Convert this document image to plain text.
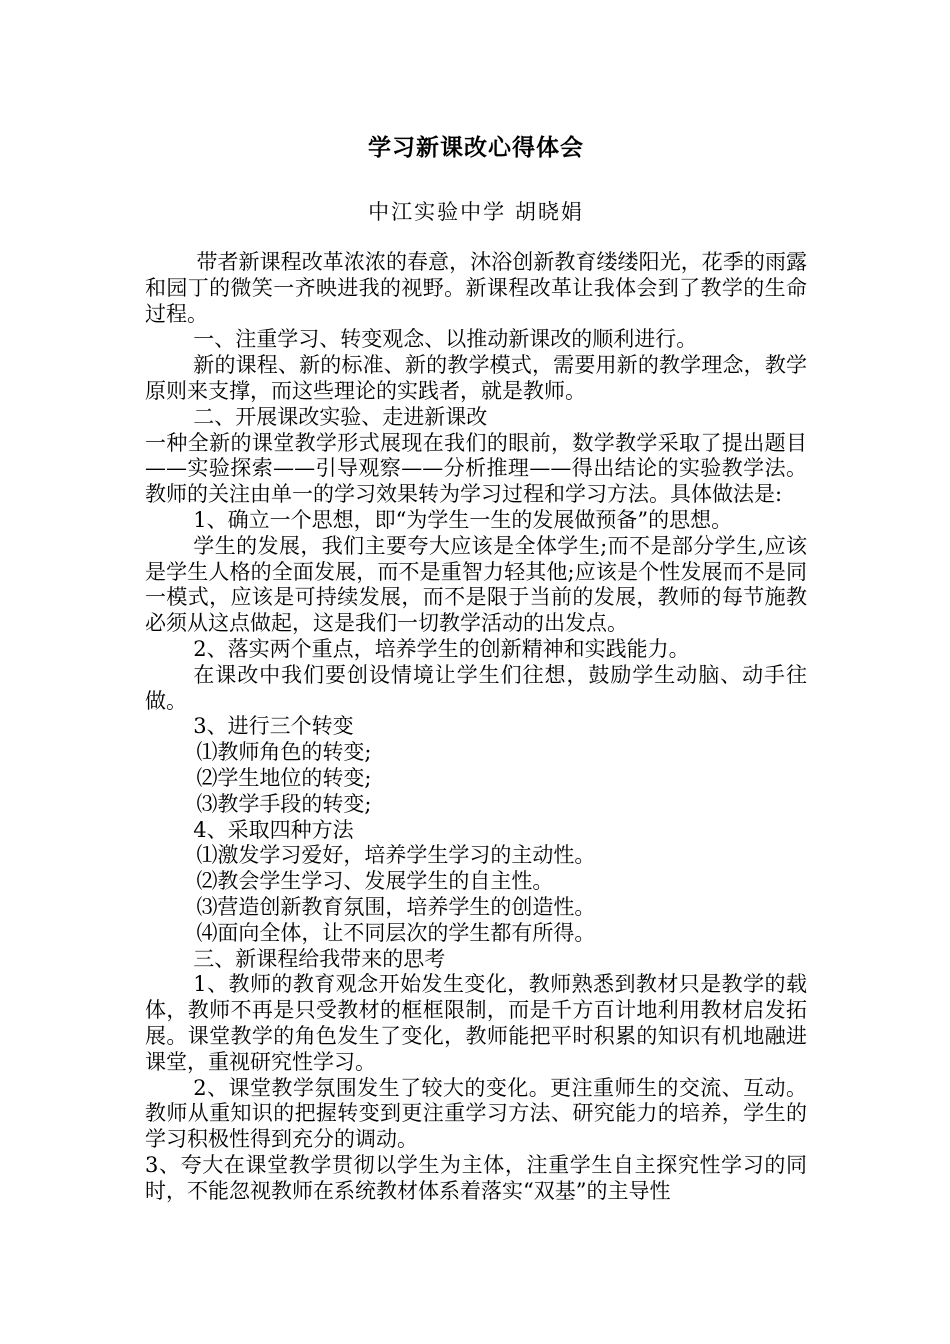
学习新课改心得体会
中江实验中学 胡晓娟

带者新课程改革浓浓的春意，沐浴创新教育缕缕阳光，花季的雨露和园丁的微笑一齐映进我的视野。新课程改革让我体会到了教学的生命过程。

一、注重学习、转变观念、以推动新课改的顺利进行。

新的课程、新的标准、新的教学模式，需要用新的教学理念，教学原则来支撑，而这些理论的实践者，就是教师。

二、开展课改实验、走进新课改

一种全新的课堂教学形式展现在我们的眼前，数学教学采取了提出题目——实验探索——引导观察——分析推理——得出结论的实验教学法。教师的关注由单一的学习效果转为学习过程和学习方法。具体做法是:

1、确立一个思想，即“为学生一生的发展做预备”的思想。

学生的发展，我们主要夸大应该是全体学生;而不是部分学生,应该是学生人格的全面发展，而不是重智力轻其他;应该是个性发展而不是同一模式，应该是可持续发展，而不是限于当前的发展，教师的每节施教必须从这点做起，这是我们一切教学活动的出发点。

2、落实两个重点，培养学生的创新精神和实践能力。

在课改中我们要创设情境让学生们往想，鼓励学生动脑、动手往做。

3、进行三个转变

⑴教师角色的转变;

⑵学生地位的转变;

⑶教学手段的转变;

4、采取四种方法

⑴激发学习爱好，培养学生学习的主动性。

⑵教会学生学习、发展学生的自主性。

⑶营造创新教育氛围，培养学生的创造性。

⑷面向全体，让不同层次的学生都有所得。

三、新课程给我带来的思考

1、教师的教育观念开始发生变化，教师熟悉到教材只是教学的载体，教师不再是只受教材的框框限制，而是千方百计地利用教材启发拓展。课堂教学的角色发生了变化，教师能把平时积累的知识有机地融进课堂，重视研究性学习。

2、课堂教学氛围发生了较大的变化。更注重师生的交流、互动。教师从重知识的把握转变到更注重学习方法、研究能力的培养，学生的学习积极性得到充分的调动。

3、夸大在课堂教学贯彻以学生为主体，注重学生自主探究性学习的同时，不能忽视教师在系统教材体系着落实“双基”的主导性
